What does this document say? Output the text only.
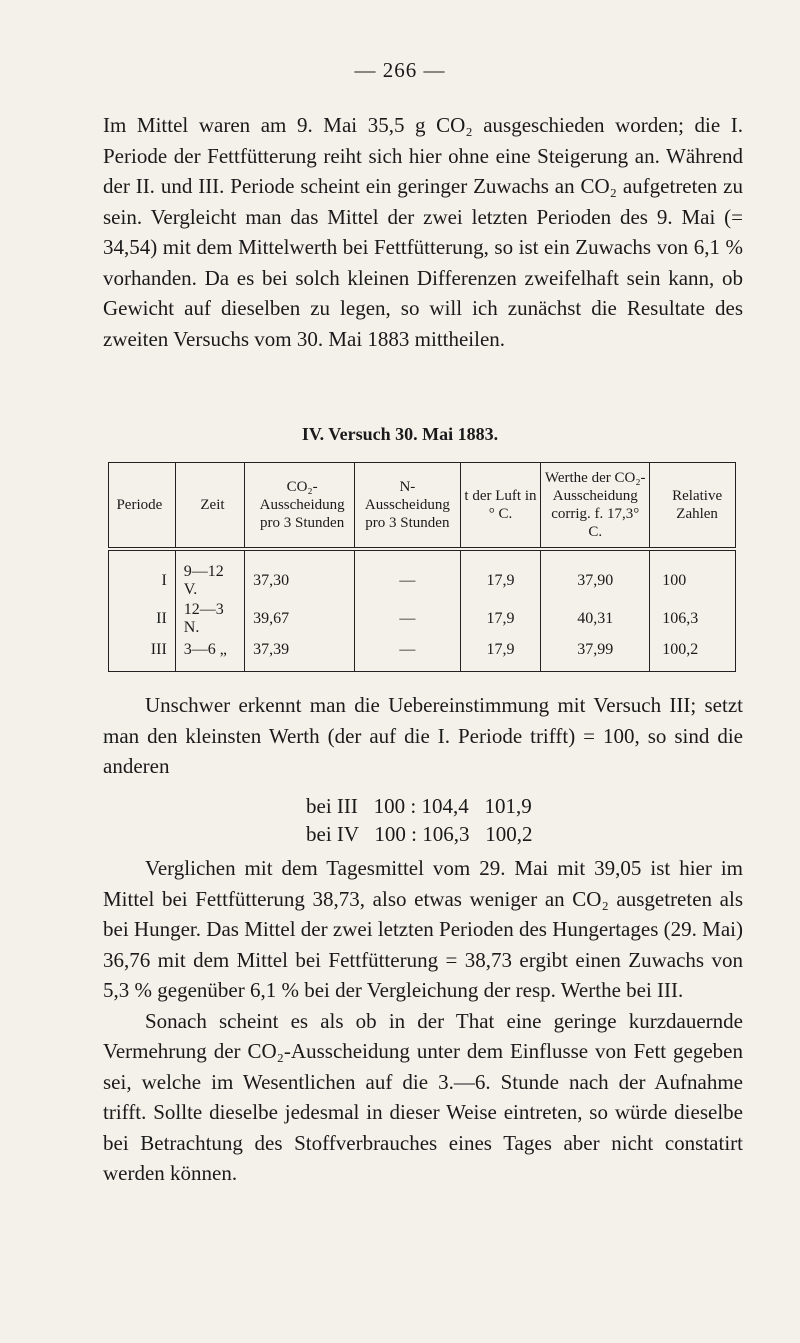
— 266 —
Im Mittel waren am 9. Mai 35,5 g CO₂ ausgeschieden worden; die I. Periode der Fettfütterung reiht sich hier ohne eine Steigerung an. Während der II. und III. Periode scheint ein geringer Zuwachs an CO₂ aufgetreten zu sein. Vergleicht man das Mittel der zwei letzten Perioden des 9. Mai (= 34,54) mit dem Mittelwerth bei Fettfütterung, so ist ein Zuwachs von 6,1 % vorhanden. Da es bei solch kleinen Differenzen zweifelhaft sein kann, ob Gewicht auf dieselben zu legen, so will ich zunächst die Resultate des zweiten Versuchs vom 30. Mai 1883 mittheilen.
IV. Versuch 30. Mai 1883.
Periode	Zeit	CO₂-Ausscheidung pro 3 Stunden	N-Ausscheidung pro 3 Stunden	t der Luft in ° C.	Werthe der CO₂-Ausscheidung corrig. f. 17,3° C.	Relative Zahlen
I	9—12 V.	37,30	—	17,9	37,90	100
II	12—3 N.	39,67	—	17,9	40,31	106,3
III	3—6 „	37,39	—	17,9	37,99	100,2
Unschwer erkennt man die Uebereinstimmung mit Versuch III; setzt man den kleinsten Werth (der auf die I. Periode trifft) = 100, so sind die anderen
bei III   100 : 104,4   101,9
bei IV   100 : 106,3   100,2
Verglichen mit dem Tagesmittel vom 29. Mai mit 39,05 ist hier im Mittel bei Fettfütterung 38,73, also etwas weniger an CO₂ ausgetreten als bei Hunger. Das Mittel der zwei letzten Perioden des Hungertages (29. Mai) 36,76 mit dem Mittel bei Fettfütterung = 38,73 ergibt einen Zuwachs von 5,3 % gegenüber 6,1 % bei der Vergleichung der resp. Werthe bei III.
Sonach scheint es als ob in der That eine geringe kurzdauernde Vermehrung der CO₂-Ausscheidung unter dem Einflusse von Fett gegeben sei, welche im Wesentlichen auf die 3.—6. Stunde nach der Aufnahme trifft. Sollte dieselbe jedesmal in dieser Weise eintreten, so würde dieselbe bei Betrachtung des Stoffverbrauches eines Tages aber nicht constatirt werden können.
